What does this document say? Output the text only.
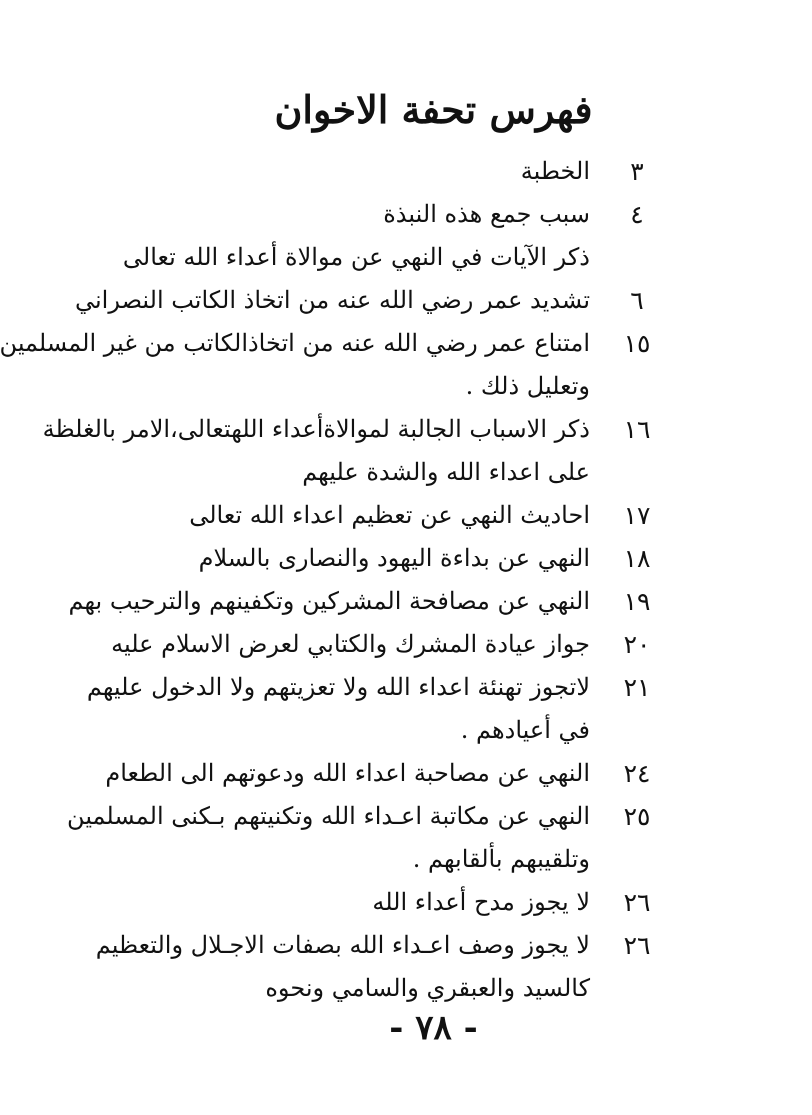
فهرس تحفة الاخوان
٣
الخطبة
٤
سبب جمع هذه النبذة
ذكر الآيات في النهي عن موالاة أعداء الله تعالى
٦
تشديد عمر رضي الله عنه من اتخاذ الكاتب النصراني
١٥
امتناع عمر رضي الله عنه من اتخاذالكاتب من غير المسلمين
وتعليل ذلك .
١٦
ذكر الاسباب الجالبة لموالاةأعداء اللهتعالى،الامر بالغلظة
على اعداء الله والشدة عليهم
١٧
احاديث النهي عن تعظيم اعداء الله تعالى
١٨
النهي عن بداءة اليهود والنصارى بالسلام
١٩
النهي عن مصافحة المشركين وتكفينهم والترحيب بهم
٢٠
جواز عيادة المشرك والكتابي لعرض الاسلام عليه
٢١
لاتجوز تهنئة اعداء الله ولا تعزيتهم ولا الدخول عليهم
في أعيادهم .
٢٤
النهي عن مصاحبة اعداء الله ودعوتهم الى الطعام
٢٥
النهي عن مكاتبة اعـداء الله وتكنيتهم بـكنى المسلمين
وتلقيبهم بألقابهم .
٢٦
لا يجوز مدح أعداء الله
٢٦
لا يجوز وصف اعـداء الله بصفات الاجـلال والتعظيم
كالسيد والعبقري والسامي ونحوه
- ٧٨ -
